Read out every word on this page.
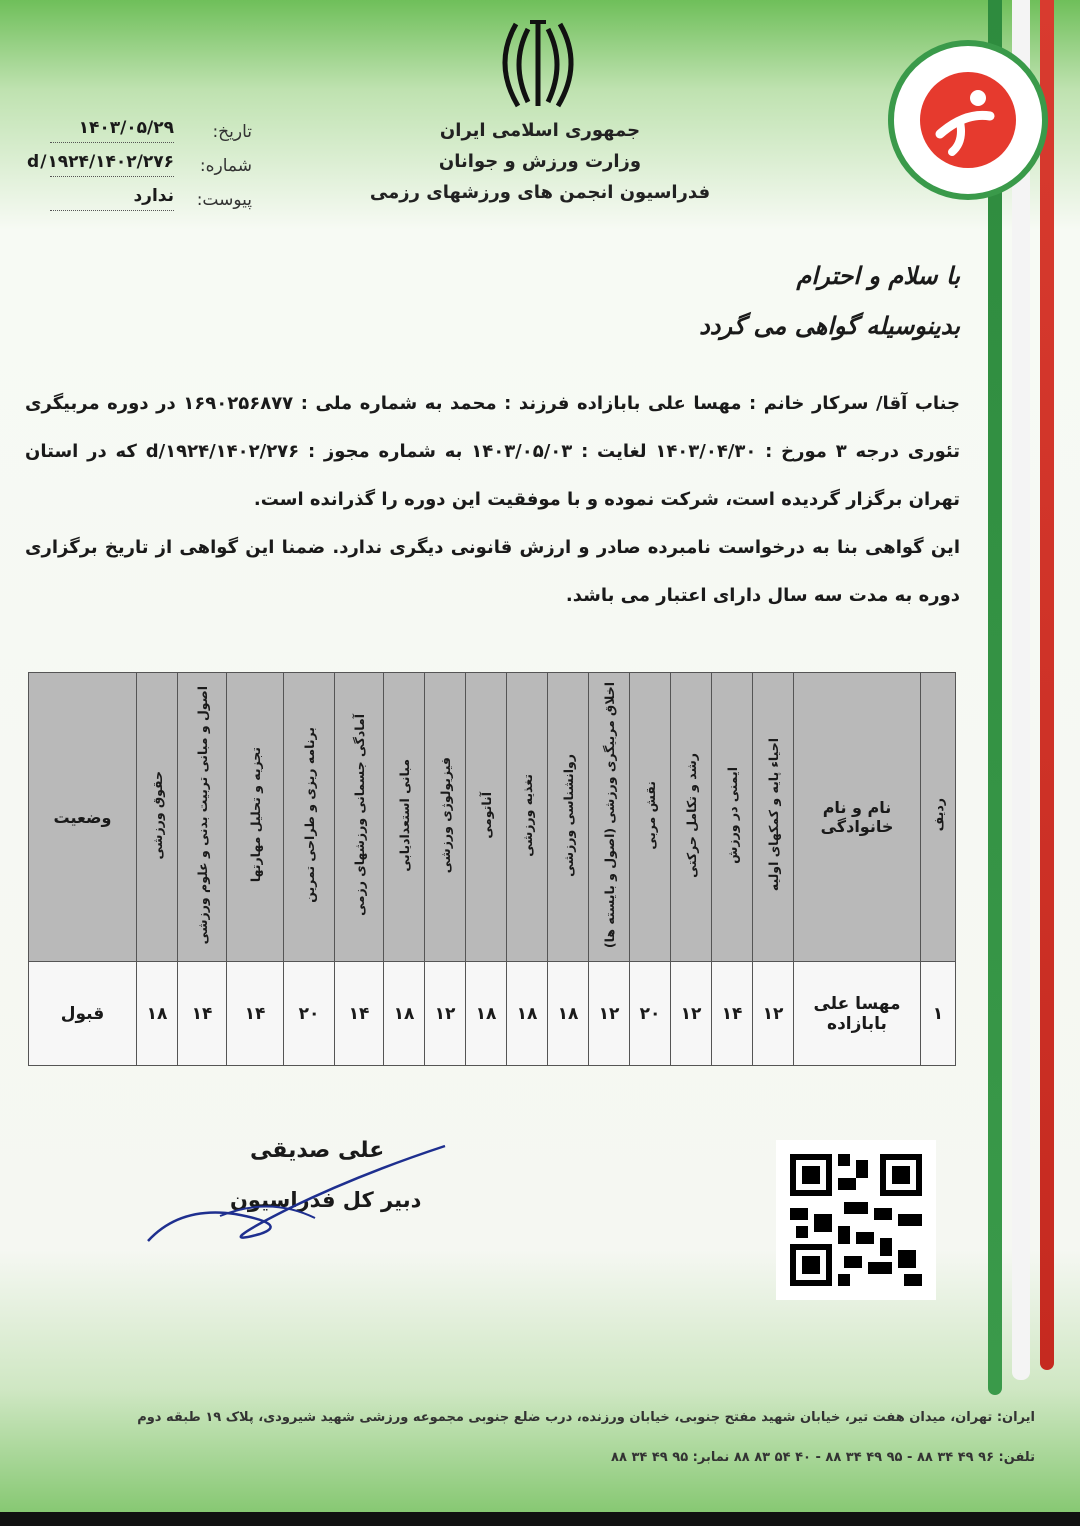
جمهوری اسلامی ایران
وزارت ورزش و جوانان
فدراسیون انجمن های ورزشهای رزمی
تاریخ:
۱۴۰۳/۰۵/۲۹
شماره:
۱۴۰۲/۲۷۶/d/۱۹۲۴
پیوست:
ندارد
با سلام و احترام
بدینوسیله گواهی می گردد

جناب آقا/ سرکار خانم : مهسا علی بابازاده فرزند : محمد به شماره ملی : ۱۶۹۰۲۵۶۸۷۷ در دوره مربیگری تئوری درجه ۳ مورخ : ۱۴۰۳/۰۴/۳۰ لغایت : ۱۴۰۳/۰۵/۰۳ به شماره مجوز : ۱۴۰۲/۲۷۶/d/۱۹۲۴ که در استان تهران برگزار گردیده است، شرکت نموده و با موفقیت این دوره را گذرانده است.

این گواهی بنا به درخواست نامبرده صادر و ارزش قانونی دیگری ندارد. ضمنا این گواهی از تاریخ برگزاری دوره به مدت سه سال دارای اعتبار می باشد.

ردیف	نام و نام خانوادگی	احیاء پایه و کمکهای اولیه	ایمنی در ورزش	رشد و تکامل حرکتی	نقش مربی	اخلاق مربیگری ورزشی (اصول و بایسته ها)	روانشناسی ورزشی	تغذیه ورزشی	آناتومی	فیزیولوژی ورزشی	مبانی استعدادیابی	آمادگی جسمانی ورزشهای رزمی	برنامه ریزی و طراحی تمرین	تجزیه و تحلیل مهارتها	اصول و مبانی تربیت بدنی و علوم ورزشی	حقوق ورزشی	وضعیت
۱	مهسا علی بابازاده	۱۲	۱۴	۱۲	۲۰	۱۲	۱۸	۱۸	۱۸	۱۲	۱۸	۱۴	۲۰	۱۴	۱۴	۱۸	قبول
علی صدیقی
دبیر کل فدراسیون
ایران: تهران، میدان هفت تیر، خیابان شهید مفتح جنوبی، خیابان ورزنده، درب ضلع جنوبی مجموعه ورزشی شهید شیرودی، پلاک ۱۹ طبقه دوم
تلفن: ۹۶ ۴۹ ۳۴ ۸۸ - ۹۵ ۴۹ ۳۴ ۸۸ - ۴۰ ۵۴ ۸۳ ۸۸ نمابر: ۹۵ ۴۹ ۳۴ ۸۸
